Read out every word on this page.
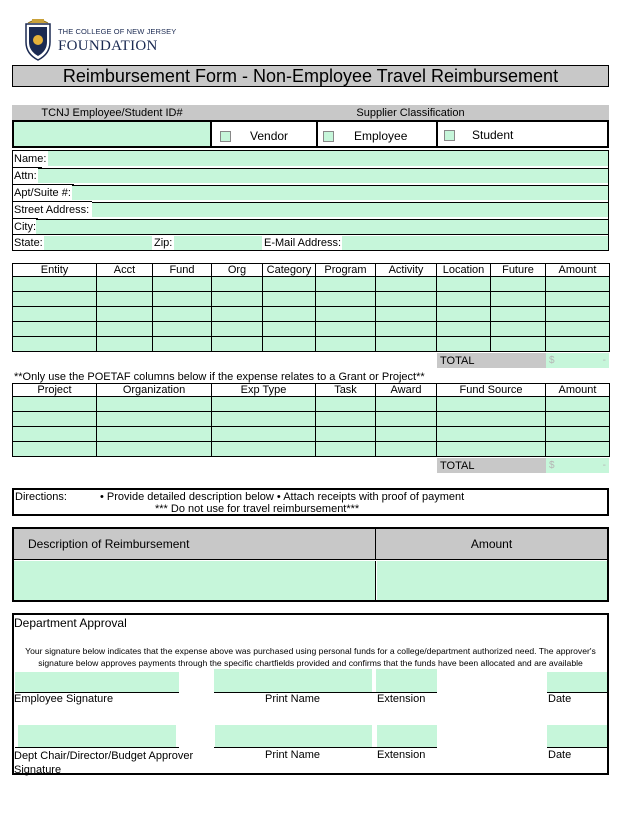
THE COLLEGE OF NEW JERSEY
FOUNDATION
Reimbursement Form - Non-Employee Travel Reimbursement
TCNJ Employee/Student ID#	Supplier Classification
Vendor	Employee	Student
Name:
Attn:
Apt/Suite #:
Street Address:
City:
State:	Zip:	E-Mail Address:
Entity	Acct	Fund	Org	Category	Program	Activity	Location	Future	Amount

TOTAL	$	-
**Only use the POETAF columns below if the expense relates to a Grant or Project**
Project	Organization	Exp Type	Task	Award	Fund Source	Amount

TOTAL	$	-
Directions:	• Provide detailed description below • Attach receipts with proof of payment
*** Do not use for travel reimbursement***
Description of Reimbursement	Amount
Department Approval
Your signature below indicates that the expense above was purchased using personal funds for a college/department authorized need. The approver's
signature below approves payments through the specific chartfields provided and confirms that the funds have been allocated and are available
Employee Signature	Print Name	Extension	Date
Dept Chair/Director/Budget Approver
Signature
Print Name	Extension	Date
